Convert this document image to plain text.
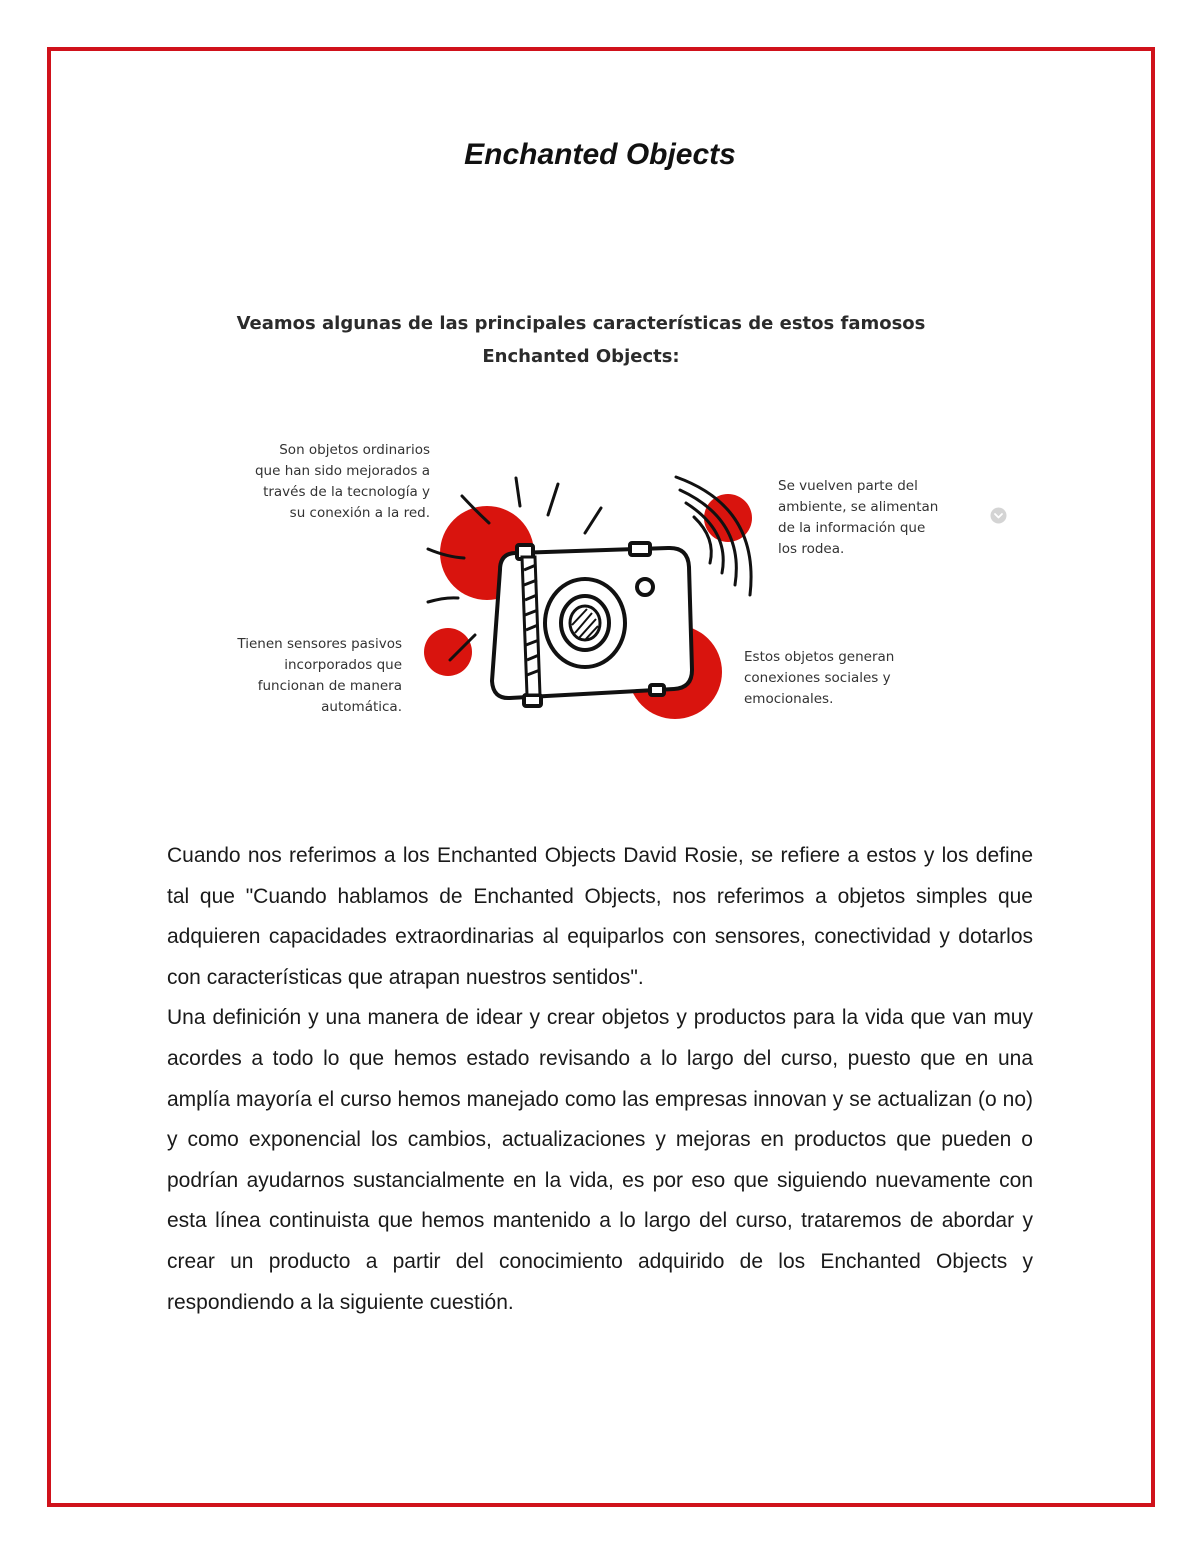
Enchanted Objects
Veamos algunas de las principales características de estos famosos Enchanted Objects:
Son objetos ordinarios
que han sido mejorados a
través de la tecnología y
su conexión a la red.
Tienen sensores pasivos
incorporados que
funcionan de manera
automática.
Se vuelven parte del
ambiente, se alimentan
de la información que
los rodea.
Estos objetos generan
conexiones sociales y
emocionales.

Cuando nos referimos a los Enchanted Objects David Rosie, se refiere a estos y los define tal que "Cuando hablamos de Enchanted Objects, nos referimos a objetos simples que adquieren capacidades extraordinarias al equiparlos con sensores, conectividad y dotarlos con características que atrapan nuestros sentidos".

Una definición y una manera de idear y crear objetos y productos para la vida que van muy acordes a todo lo que hemos estado revisando a lo largo del curso, puesto que en una amplía mayoría el curso hemos manejado como las empresas innovan y se actualizan (o no) y como exponencial los cambios, actualizaciones y mejoras en productos que pueden o podrían ayudarnos sustancialmente en la vida, es por eso que siguiendo nuevamente con esta línea continuista que hemos mantenido a lo largo del curso, trataremos de abordar y crear un producto a partir del conocimiento adquirido de los Enchanted Objects y respondiendo a la siguiente cuestión.
